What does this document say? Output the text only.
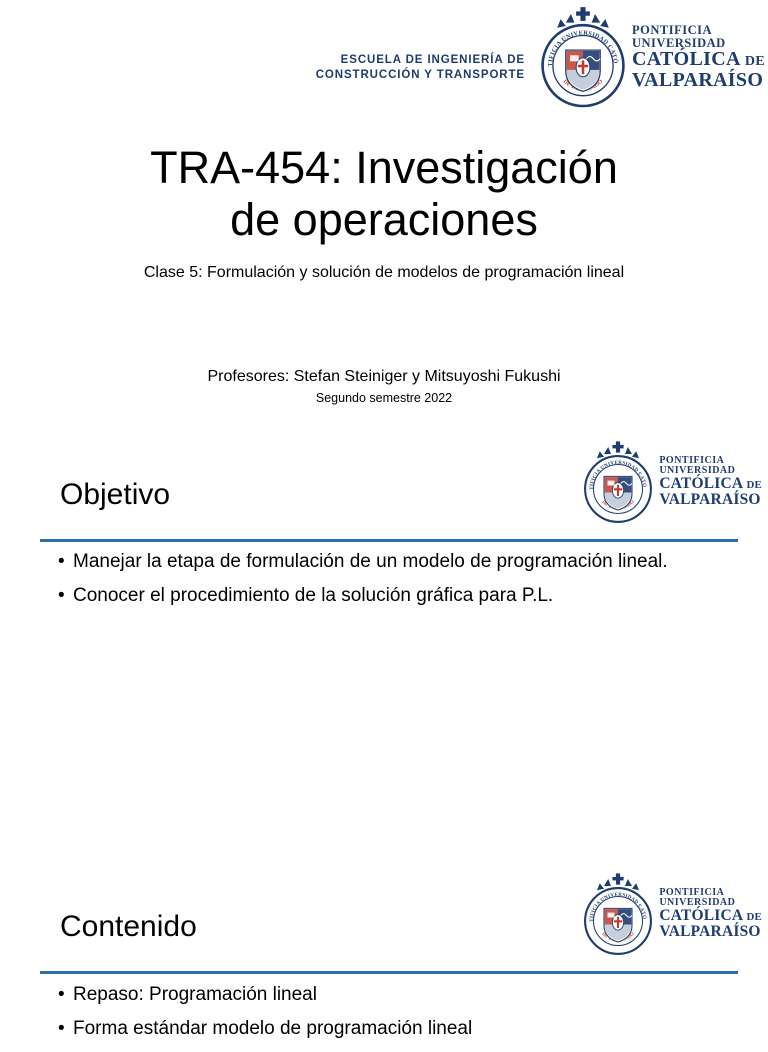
ESCUELA DE INGENIERÍA DE
CONSTRUCCIÓN Y TRANSPORTE
PONTIFICIA
UNIVERSIDAD
CATÓLICA DE
VALPARAÍSO
TRA-454: Investigación
de operaciones
Clase 5: Formulación y solución de modelos de programación lineal
Profesores: Stefan Steiniger y Mitsuyoshi Fukushi
Segundo semestre 2022
Objetivo
PONTIFICIA
UNIVERSIDAD
CATÓLICA DE
VALPARAÍSO
• Manejar la etapa de formulación de un modelo de programación lineal.
• Conocer el procedimiento de la solución gráfica para P.L.
Contenido
PONTIFICIA
UNIVERSIDAD
CATÓLICA DE
VALPARAÍSO
• Repaso: Programación lineal
• Forma estándar modelo de programación lineal
